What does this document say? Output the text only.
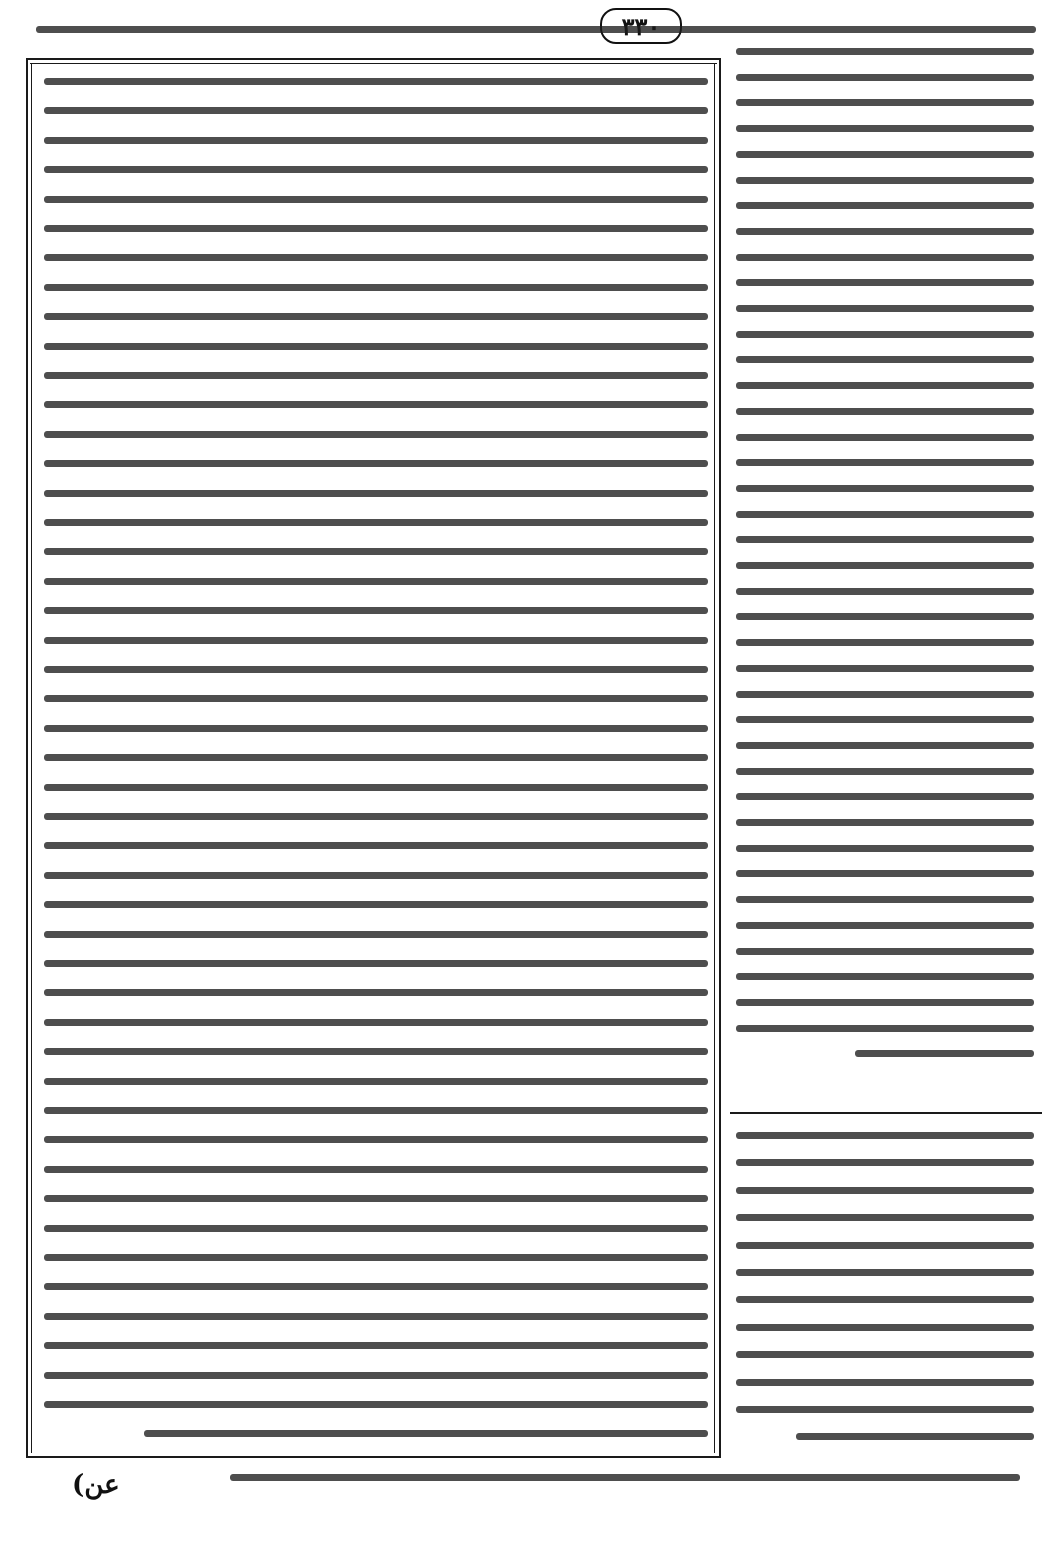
(عن
